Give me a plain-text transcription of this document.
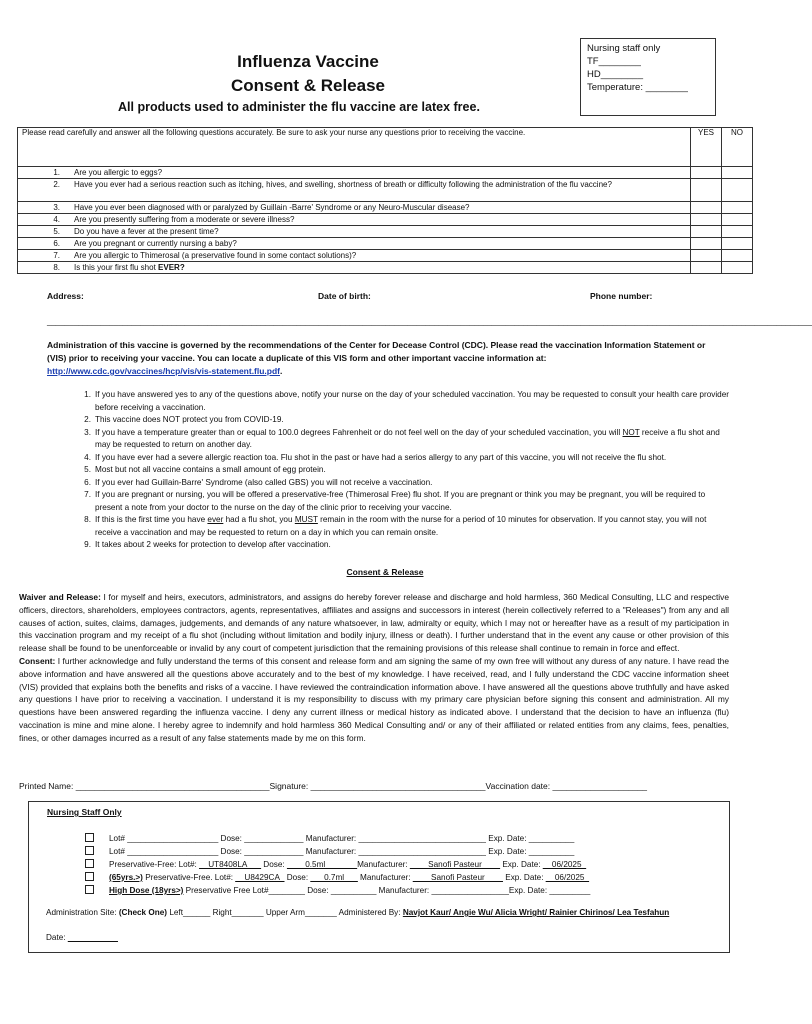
Influenza Vaccine
Consent & Release
All products used to administer the flu vaccine are latex free.
Nursing staff only
TF________
HD________
Temperature: ________
Please read carefully and answer all the following questions accurately. Be sure to ask your nurse any questions prior to receiving the vaccine.	YES	NO
1. Are you allergic to eggs?		
2. Have you ever had a serious reaction such as itching, hives, and swelling, shortness of breath or difficulty following the administration of the flu vaccine?		
3. Have you ever been diagnosed with or paralyzed by Guillain -Barre' Syndrome or any Neuro-Muscular disease?		
4. Are you presently suffering from a moderate or severe illness?		
5. Do you have a fever at the present time?		
6. Are you pregnant or currently nursing a baby?		
7. Are you allergic to Thimerosal (a preservative found in some contact solutions)?		
8. Is this your first flu shot EVER?		
Address:	Date of birth:	Phone number:
____________________________________________________________________________________________________________________________________________________________________________
Administration of this vaccine is governed by the recommendations of the Center for Decease Control (CDC). Please read the vaccination Information Statement or (VIS) prior to receiving your vaccine. You can locate a duplicate of this VIS form and other important vaccine information at:
http://www.cdc.gov/vaccines/hcp/vis/vis-statement.flu.pdf.
1. If you have answered yes to any of the questions above, notify your nurse on the day of your scheduled vaccination. You may be requested to consult your health care provider before receiving a vaccination.
2. This vaccine does NOT protect you from COVID-19.
3. If you have a temperature greater than or equal to 100.0 degrees Fahrenheit or do not feel well on the day of your scheduled vaccination, you will NOT receive a flu shot and may be requested to return on another day.
4. If you have ever had a severe allergic reaction toa. Flu shot in the past or have had a serios allergy to any part of this vaccine, you will not receive the flu shot.
5. Most but not all vaccine contains a small amount of egg protein.
6. If you ever had Guillain-Barre' Syndrome (also called GBS) you will not receive a vaccination.
7. If you are pregnant or nursing, you will be offered a preservative-free (Thimerosal Free) flu shot. If you are pregnant or think you may be pregnant, you will be required to present a note from your doctor to the nurse on the day of the clinic prior to receiving your vaccine.
8. If this is the first time you have ever had a flu shot, you MUST remain in the room with the nurse for a period of 10 minutes for observation. If you cannot stay, you will not receive a vaccination and may be requested to return on a day in which you can remain onsite.
9. It takes about 2 weeks for protection to develop after vaccination.
Consent & Release
Waiver and Release: I for myself and heirs, executors, administrators, and assigns do hereby forever release and discharge and hold harmless, 360 Medical Consulting, LLC and respective officers, directors, shareholders, employees contractors, agents, representatives, affiliates and assigns and successors in interest (herein collectively referred to a "Releases") from any and all causes of action, suites, claims, damages, judgements, and demands of any nature whatsoever, in law, admiralty or equity, which I may not or hereafter have as a result of my participation in this vaccination program and my receipt of a flu shot (including without limitation and bodily injury, illness or death). I further understand that in the event any cause or other provision of this release shall be found to be unenforceable or invalid by any court of competent jurisdiction that the remaining provisions of this release shall continue to remain in force and effect.
Consent: I further acknowledge and fully understand the terms of this consent and release form and am signing the same of my own free will without any duress of any nature. I have read the above information and have answered all the questions above accurately and to the best of my knowledge. I have received, read, and I fully understand the CDC vaccine information sheet (VIS) provided that explains both the benefits and risks of a vaccine. I have reviewed the contraindication information above. I have answered all the questions above truthfully and have asked any questions I have prior to receiving a vaccination. I understand it is my responsibility to discuss with my primary care physician before signing this consent and administration. All my questions have been answered regarding the influenza vaccine. I deny any current illness or medical history as indicated above. I understand that the decision to have an influenza (flu) vaccination is mine and mine alone. I hereby agree to indemnify and hold harmless 360 Medical Consulting and/ or any of their affiliated or related entities from any claims, fees, penalties, fines, or other damages incurred as a result of any false statements made by me on this form.
Printed Name: _________________________________________Signature: _____________________________________Vaccination date: ____________________
Nursing Staff Only
Lot# ____________________ Dose: _____________ Manufacturer: ____________________________ Exp. Date: __________
Lot# ____________________ Dose: _____________ Manufacturer: ____________________________ Exp. Date: __________
Preservative-Free: Lot#: __UT8408LA___ Dose: ____0.5ml_______Manufacturer: ____Sanofi Pasteur____ Exp. Date: __06/2025_
(65yrs.>) Preservative-Free. Lot#: __U8429CA_ Dose: ___0.7ml___ Manufacturer: ____Sanofi Pasteur____ Exp. Date: __06/2025_
High Dose (18yrs>) Preservative Free Lot#________ Dose: __________ Manufacturer: _________________Exp. Date: _________
Administration Site: (Check One) Left______ Right_______ Upper Arm_______ Administered By: Navjot Kaur/ Angie Wu/ Alicia Wright/ Rainier Chirinos/ Lea Tesfahun
Date: ___________
